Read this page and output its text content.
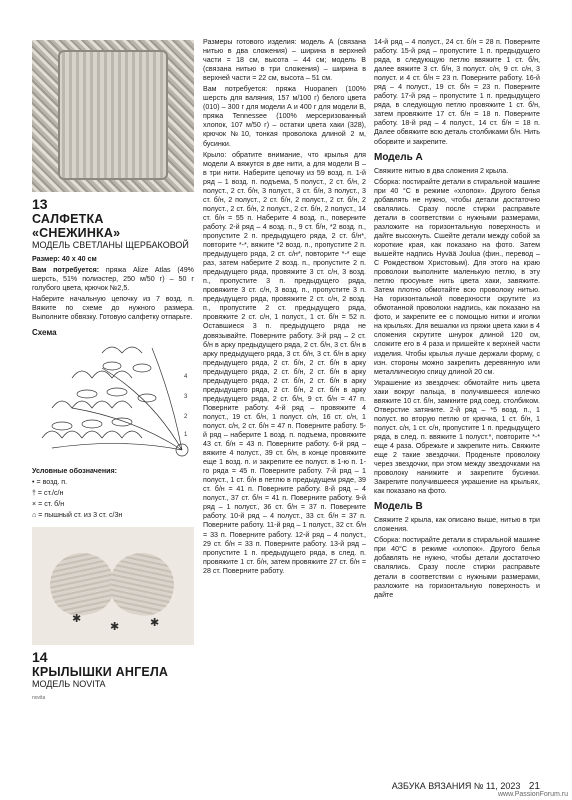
13
САЛФЕТКА «СНЕЖИНКА»
МОДЕЛЬ СВЕТЛАНЫ ЩЕРБАКОВОЙ

Размер: 40 x 40 см

Вам потребуется: пряжа Alize Atlas (49% шерсть, 51% полиэстер, 250 м/50 г) – 50 г голубого цвета, крючок №2,5.

Наберите начальную цепочку из 7 возд. п. Вяжите по схеме до нужного размера. Выполните обвязку. Готовую салфетку отпарьте.

Схема
4
3
2
1
Условные обозначения:
• = возд. п.
† = ст./с/н
× = ст. б/н
⌂ = пышный ст. из 3 ст. с/3н
✱
✱	✱
14
КРЫЛЫШКИ АНГЕЛА
МОДЕЛЬ NOVITA
novita

Размеры готового изделия: модель А (связана нитью в два сложения) – ширина в верхней части = 18 см, высота – 44 см; модель В (связана нитью в три сложения) – ширина в верхней части = 22 см, высота – 51 см.

Вам потребуется: пряжа Huopanen (100% шерсть для валяния, 157 м/100 г) белого цвета (010) – 300 г для модели А и 400 г для модели В, пряжа Tennessee (100% мерсеризованный хлопок, 107 м/50 г) – остатки цвета хаки (328), крючок №10, тонкая проволока длиной 2 м, бусинки.

Крыло: обратите внимание, что крылья для модели А вяжутся в две нити, а для модели В – в три нити. Наберите цепочку из 59 возд. п. 1-й ряд – 1 возд. п. подъема, 5 полуст., 2 ст. б/н, 2 полуст., 2 ст. б/н, 3 полуст., 3 ст. б/н, 3 полуст., 3 ст. б/н, 2 полуст., 2 ст. б/н, 2 полуст., 2 ст. б/н, 2 полуст., 2 ст. б/н, 2 полуст., 2 ст. б/н, 2 полуст., 14 ст. б/н = 55 п. Наберите 4 возд. п., поверните работу. 2-й ряд – 4 возд. п., 9 ст. б/н, *2 возд. п., пропустите 2 п. предыдущего ряда, 2 ст. б/н*, повторите *-*, вяжите *2 возд. п., пропустите 2 п. предыдущего ряда, 2 ст. с/н*, повторите *-* еще раз, затем наберите 2 возд. п., пропустите 2 п. предыдущего ряда, провяжите 3 ст. с/н, 3 возд. п., пропустите 3 п. предыдущего ряда, провяжите 3 ст. с/н, 3 возд. п., пропустите 3 п. предыдущего ряда, провяжите 2 ст. с/н, 2 возд. п., пропустите 2 ст. предыдущего ряда, провяжите 2 ст. с/н, 1 полуст., 1 ст. б/н = 52 п. Оставшиеся 3 п. предыдущего ряда не довязывайте. Поверните работу. 3-й ряд – 2 ст. б/н в арку предыдущего ряда, 2 ст. б/н, 3 ст. б/н в арку предыдущего ряда, 3 ст. б/н, 3 ст. б/н в арку предыдущего ряда, 2 ст. б/н, 2 ст. б/н в арку предыдущего ряда, 2 ст. б/н, 2 ст. б/н в арку предыдущего ряда, 2 ст. б/н, 2 ст. б/н в арку предыдущего ряда, 2 ст. б/н, 2 ст. б/н в арку предыдущего ряда, 2 ст. б/н, 9 ст. б/н = 47 п. Поверните работу. 4-й ряд – провяжите 4 полуст., 19 ст. б/н, 1 полуст. с/н, 16 ст. с/н, 1 полуст. с/н, 2 ст. б/н = 47 п. Поверните работу. 5-й ряд – наберите 1 возд. п. подъема, провяжите 43 ст. б/н = 43 п. Поверните работу. 6-й ряд – вяжите 4 полуст., 39 ст. б/н, в конце провяжите еще 1 возд. п. и закрепите ее полуст. в 1-ю п. 1-го ряда = 45 п. Поверните работу. 7-й ряд – 1 полуст., 1 ст. б/н в петлю в предыдущем ряде, 39 ст. б/н = 41 п. Поверните работу. 8-й ряд – 4 полуст., 37 ст. б/н = 41 п. Поверните работу. 9-й ряд – 1 полуст., 36 ст. б/н = 37 п. Поверните работу. 10-й ряд – 4 полуст., 33 ст. б/н = 37 п. Поверните работу. 11-й ряд – 1 полуст., 32 ст. б/н = 33 п. Поверните работу. 12-й ряд – 4 полуст., 29 ст. б/н = 33 п. Поверните работу. 13-й ряд – пропустите 1 п. предыдущего ряда, в след. п. провяжите 1 ст. б/н, затем провяжите 27 ст. б/н = 28 ст. Поверните работу.

14-й ряд – 4 полуст., 24 ст. б/н = 28 п. Поверните работу. 15-й ряд – пропустите 1 п. предыдущего ряда, в следующую петлю ввяжите 1 ст. б/н, далее вяжите 3 ст. б/н, 3 полуст. с/н, 9 ст. с/н, 3 полуст. и 4 ст. б/н = 23 п. Поверните работу. 16-й ряд – 4 полуст., 19 ст. б/н = 23 п. Поверните работу. 17-й ряд – пропустите 1 п. предыдущего ряда, в следующую петлю провяжите 1 ст. б/н, затем провяжите 17 ст. б/н = 18 п. Поверните работу. 18-й ряд – 4 полуст., 14 ст. б/н = 18 п. Далее обвяжите всю деталь столбиками б/н. Нить оборвите и закрепите.

Модель А

Свяжите нитью в два сложения 2 крыла.

Сборка: постирайте детали в стиральной машине при 40 °С в режиме «хлопок». Другого белья добавлять не нужно, чтобы детали достаточно свалялись. Сразу после стирки расправьте детали в соответствии с нужными размерами, разложите на горизонтальную поверхность и дайте высохнуть. Сшейте детали между собой за короткие края, как показано на фото. Затем вышейте надпись Hyvää Joulua (фин., перевод – С Рождеством Христовым). Для этого на краю проволоки выполните маленькую петлю, в эту петлю просуньте нить цвета хаки, завяжите. Затем плотно обмотайте всю проволоку нитью. На горизонтальной поверхности скрутите из обмотанной проволоки надпись, как показано на фото, и закрепите ее с помощью нитки и иголки на крыльях. Для вешалки из пряжи цвета хаки в 4 сложения скрутите шнурок длиной 120 см, сложите его в 4 раза и пришейте к верхней части изделия. Чтобы крылья лучше держали форму, с изн. стороны можно закрепить деревянную или металлическую спицу длиной 20 см.

Украшение из звездочек: обмотайте нить цвета хаки вокруг пальца, в получившееся колечко ввяжите 10 ст. б/н, замкните ряд соед. столбиком. Отверстие затяните. 2-й ряд – *5 возд. п., 1 полуст. во вторую петлю от крючка, 1 ст. б/н, 1 полуст. с/н, 1 ст. с/н, пропустите 1 п. предыдущего ряда, в след. п. ввяжите 1 полуст.*, повторите *-* еще 4 раза. Обрежьте и закрепите нить. Свяжите еще 2 такие звездочки. Проденьте проволоку через звездочки, при этом между звездочками на проволоку нанижите и закрепите бусинки. Закрепите получившееся украшение на крыльях, как показано на фото.

Модель В

Свяжите 2 крыла, как описано выше, нитью в три сложения.

Сборка: постирайте детали в стиральной машине при 40°С в режиме «хлопок». Другого белья добавлять не нужно, чтобы детали достаточно свалялись. Сразу после стирки расправьте детали в соответствии с нужными размерами, разложите на горизонтальную поверхность и дайте

АЗБУКА ВЯЗАНИЯ № 11, 2023 21
www.PassionForum.ru
